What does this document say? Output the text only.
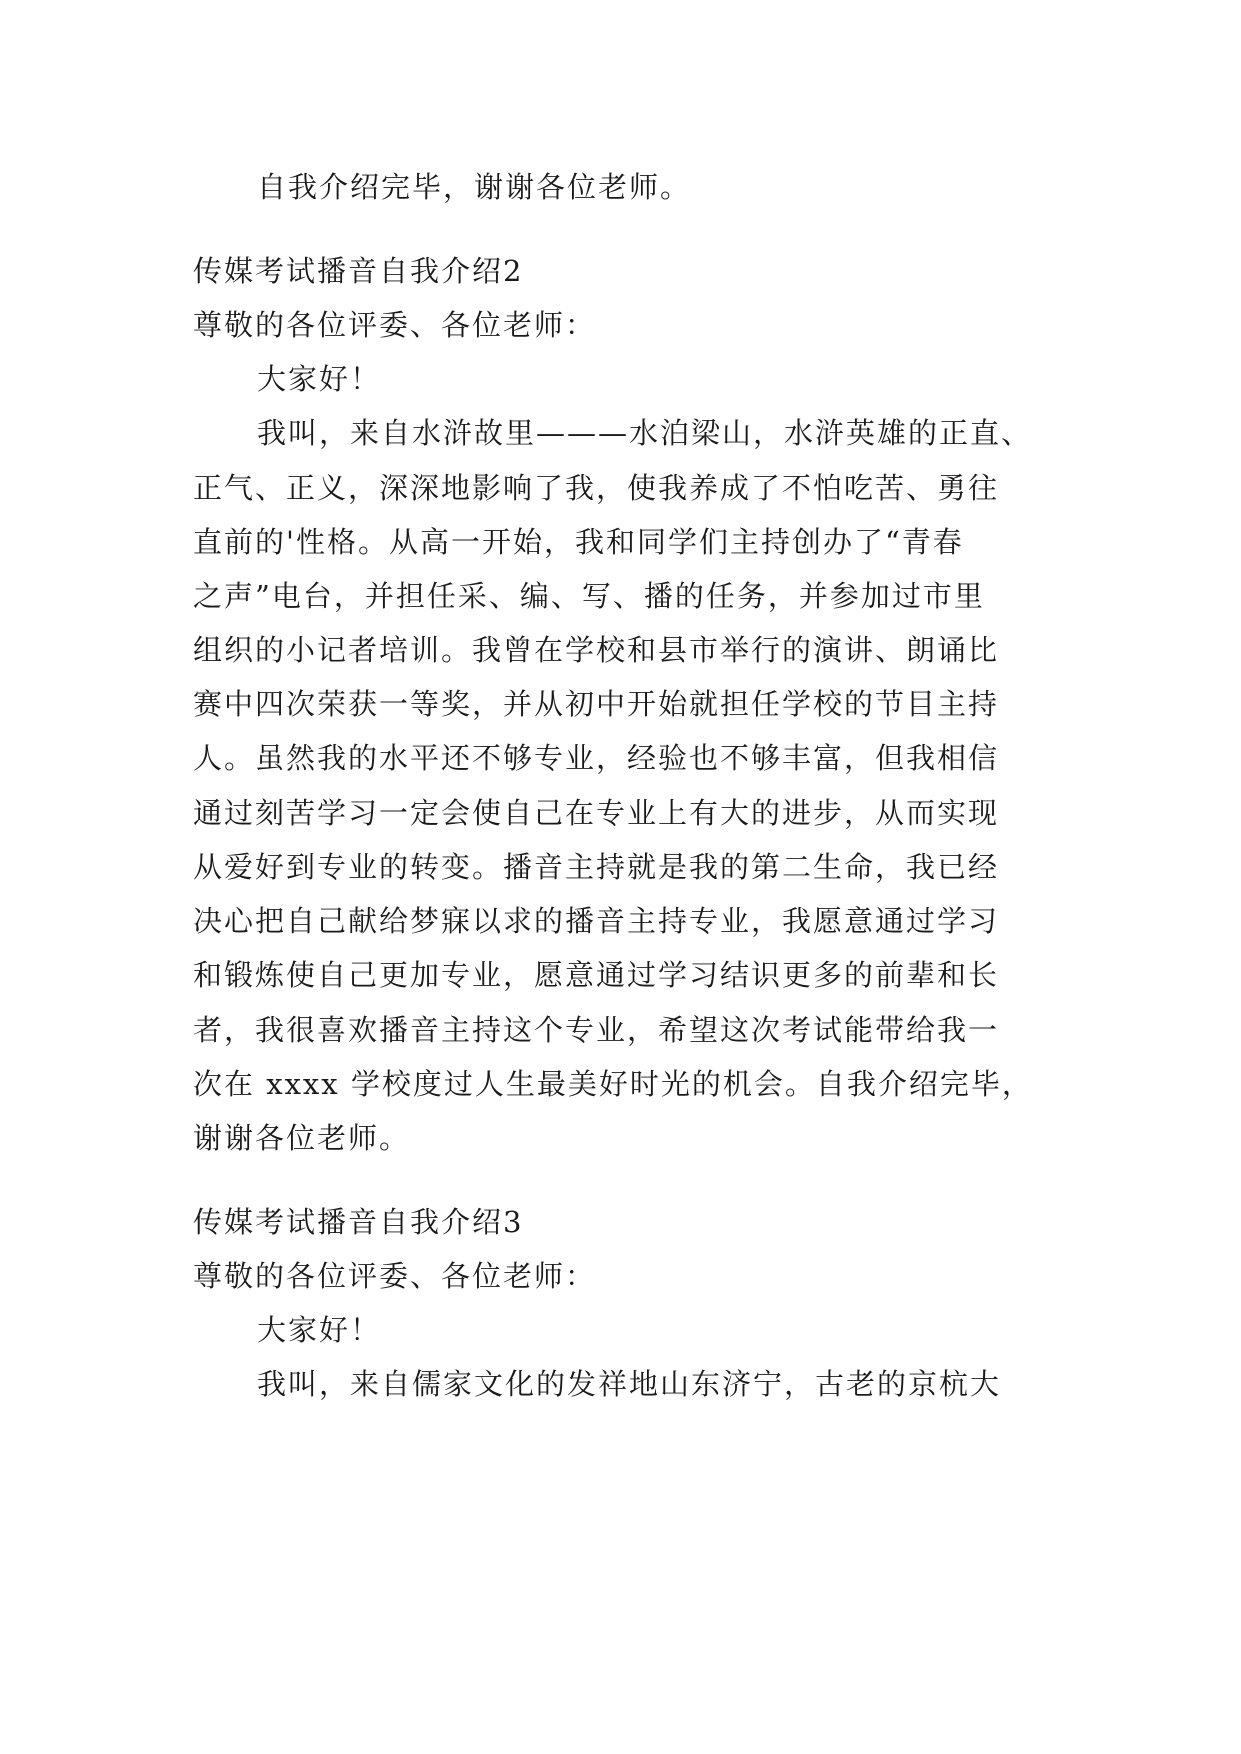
自我介绍完毕，谢谢各位老师。
传媒考试播音自我介绍2
尊敬的各位评委、各位老师：
大家好！
我叫，来自水浒故里———水泊梁山，水浒英雄的正直、
正气、正义，深深地影响了我，使我养成了不怕吃苦、勇往
直前的'性格。从高一开始，我和同学们主持创办了“青春
之声”电台，并担任采、编、写、播的任务，并参加过市里
组织的小记者培训。我曾在学校和县市举行的演讲、朗诵比
赛中四次荣获一等奖，并从初中开始就担任学校的节目主持
人。虽然我的水平还不够专业，经验也不够丰富，但我相信
通过刻苦学习一定会使自己在专业上有大的进步，从而实现
从爱好到专业的转变。播音主持就是我的第二生命，我已经
决心把自己献给梦寐以求的播音主持专业，我愿意通过学习
和锻炼使自己更加专业，愿意通过学习结识更多的前辈和长
者，我很喜欢播音主持这个专业，希望这次考试能带给我一
次在 xxxx 学校度过人生最美好时光的机会。自我介绍完毕，
谢谢各位老师。
传媒考试播音自我介绍3
尊敬的各位评委、各位老师：
大家好！
我叫，来自儒家文化的发祥地山东济宁，古老的京杭大
